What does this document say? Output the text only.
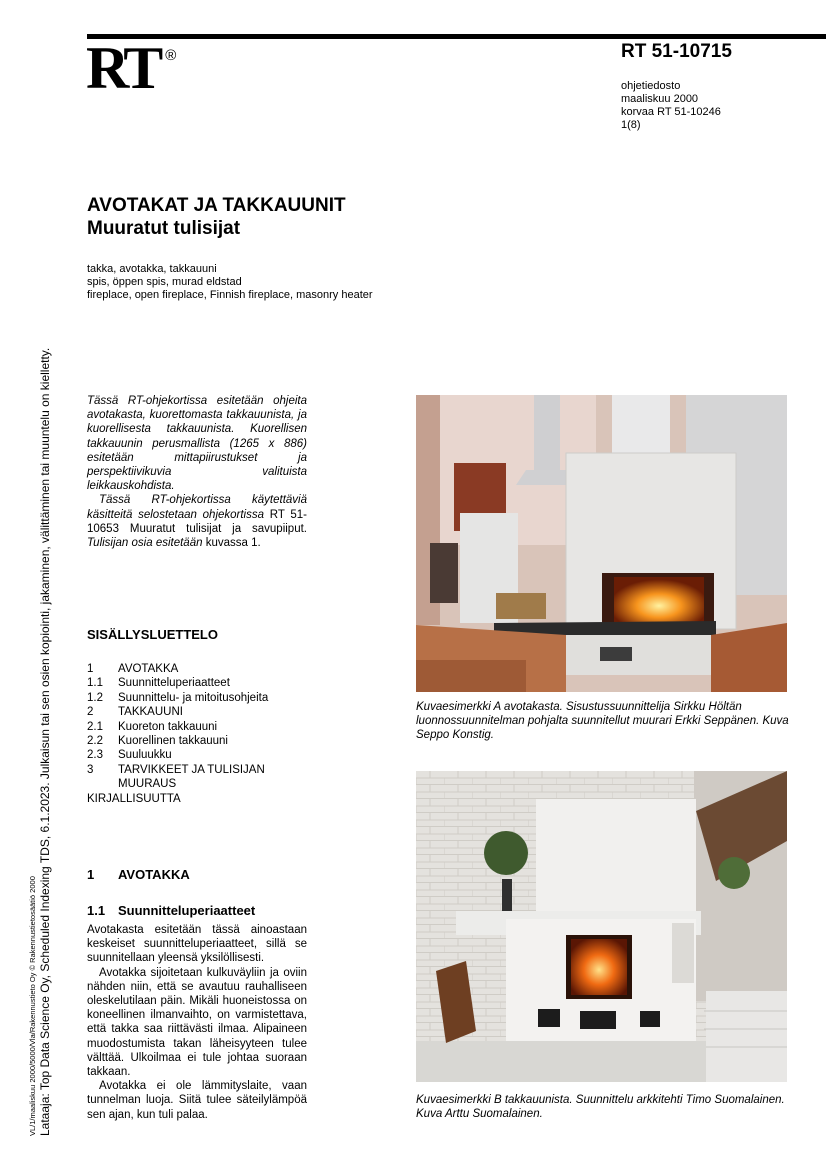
RT ®	RT 51-10715
ohjetiedosto
maaliskuu 2000
korvaa RT 51-10246
1(8)
AVOTAKAT JA TAKKAUUNIT
Muuratut tulisijat
takka, avotakka, takkauuni
spis, öppen spis, murad eldstad
fireplace, open fireplace, Finnish fireplace, masonry heater

Tässä RT-ohjekortissa esitetään ohjeita avotakasta, kuorettomasta takkauunista, ja kuorellisesta takkauunista. Kuorellisen takkauunin perusmallista (1265 x 886) esitetään mittapiirustukset ja perspektiivikuvia valituista leikkauskohdista.

Tässä RT-ohjekortissa käytettäviä käsitteitä selostetaan ohjekortissa RT 51-10653 Muuratut tulisijat ja savupiiput. Tulisijan osia esitetään kuvassa 1.

SISÄLLYSLUETTELO
1	AVOTAKKA
1.1	Suunnitteluperiaatteet
1.2	Suunnittelu- ja mitoitusohjeita
2	TAKKAUUNI
2.1	Kuoreton takkauuni
2.2	Kuorellinen takkauuni
2.3	Suuluukku
3	TARVIKKEET JA TULISIJAN MUURAUS
KIRJALLISUUTTA
1 AVOTAKKA
1.1 Suunnitteluperiaatteet

Avotakasta esitetään tässä ainoastaan keskeiset suunnitteluperiaatteet, sillä se suunnitellaan yleensä yksilöllisesti.

Avotakka sijoitetaan kulkuväyliin ja oviin nähden niin, että se avautuu rauhalliseen oleskelutilaan päin. Mikäli huoneistossa on koneellinen ilmanvaihto, on varmistettava, että takka saa riittävästi ilmaa. Alipaineen muodostumista takan läheisyyteen tulee välttää. Ulkoilmaa ei tule johtaa suoraan takkaan.

Avotakka ei ole lämmityslaite, vaan tunnelman luoja. Siitä tulee säteilylämpöä sen ajan, kun tuli palaa.

Kuvaesimerkki A avotakasta. Sisustussuunnittelija Sirkku Höltän luonnossuunnitelman pohjalta suunnitellut muurari Erkki Seppänen. Kuva Seppo Konstig.
Kuvaesimerkki B takkauunista. Suunnittelu arkkitehti Timo Suomalainen. Kuva Arttu Suomalainen.
VL/1/maaliskuu 2000/5000/Vla/Rakennustieto Oy © Rakennustietosäätiö 2000 Lataaja: Top Data Science Oy, Scheduled Indexing TDS, 6.1.2023. Julkaisun tai sen osien kopiointi, jakaminen, välittäminen tai muuntelu on kielletty.
